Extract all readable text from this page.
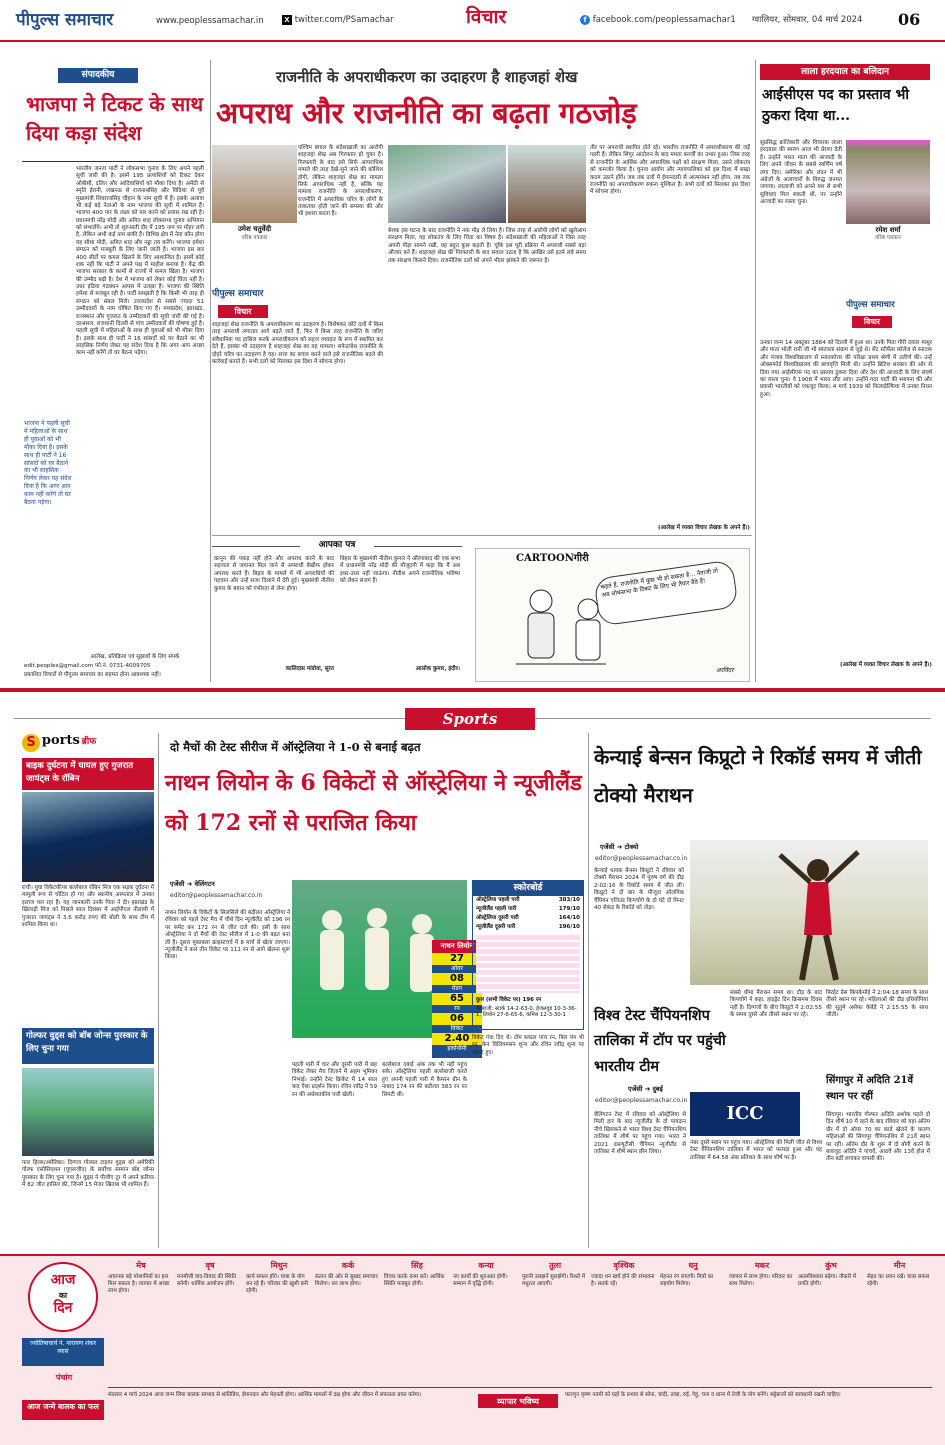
पीपुल्स समाचार	www.peoplessamachar.in	X twitter.com/PSamachar	विचार	f facebook.com/peoplessamachar1 ग्वालियर, सोमवार, 04 मार्च 2024 06
संपादकीय
भाजपा ने टिकट के साथ दिया कड़ा संदेश
भाजपा ने पहली सूची में महिलाओं के साथ ही युवाओं को भी मौका दिया है। इसके साथ ही पार्टी ने 16 सांसदों को घर बैठाने का भी साहसिक निर्णय लेकर यह संदेश दिया है कि अगर आप काम नहीं करेंगे तो घर बैठना पड़ेगा।
भारतीय जनता पार्टी ने लोकसभा चुनाव के लिए अपने पहली सूची जारी की है। इसमें 195 प्रत्याशियों को टिकट देकर ओबीसी, दलित और आदिवासियों को मौका दिया है। अमेठी से स्मृति ईरानी, लखनऊ से राजनाथसिंह और विदिशा से पूर्व मुख्यमंत्री शिवराजसिंह चौहान के नाम सूची में हैं। इसके अलावा भी कई बड़े नेताओं के नाम भाजपा की सूची में शामिल हैं। भाजपा 400 पार के लक्ष्य को पार करने को प्रयास रख रही है। प्रधानमंत्री नरेंद्र मोदी और अमित शाह लोकसभा चुनाव अभियान को संभालेंगे। अभी तो शुरुआती दौर में 195 नाम पर मोहर लगी है, लेकिन अभी कई नाम बाकी हैं। विभिन्न क्षेत्र में नेता कौन होगा यह सीधा मोदी, अमित शाह और नड्डा तय करेंगे। भाजपा हमेशा संगठन को मजबूती के लिए जानी जाती है। भाजपा इस बार 400 सीटों पर कमल खिलने के लिए आशान्वित है। इसमें कोई शक नहीं कि पार्टी ने अपने पक्ष में माहौल बनाया है। केंद्र की भाजपा सरकार के कामों से राज्यों में कमल खिला है। भाजपा की उम्मीद बढ़ी है। देश में भाजपा को लेकर कोई चिंता नहीं है। उधर इंडिया गठबंधन आपस में उलझा है। भाजपा की स्थिति हमेशा से मजबूत रही है। पार्टी समझती है कि किसी भी तरह ही संगठन को संबल मिले। उत्तरप्रदेश से सबसे ज्यादा 51 उम्मीदवारों के नाम घोषित किए गए हैं। मध्यप्रदेश, झारखंड, राजस्थान और गुजरात के उम्मीदवारों की सूची जारी की गई है। दरअसल, राजधानी दिल्ली से पांच उम्मीदवारों की घोषणा हुई है। पहली सूची में महिलाओं के साथ ही युवाओं को भी मौका दिया है। इसके साथ ही पार्टी ने 16 सांसदों को घर बैठाने का भी साहसिक निर्णय लेकर यह संदेश दिया है कि अगर आप अच्छा काम नहीं करेंगे तो घर बैठना पड़ेगा।
आलेख, प्रतिक्रिया एवं सुझावों के लिए संपर्क
edit.peoples@gmail.com फो.नं. 0731-4009705
प्रकाशित विचारों से पीपुल्स समाचार का सहमत होना आवश्यक नहीं।
राजनीति के अपराधीकरण का उदाहरण है शाहजहां शेख
अपराध और राजनीति का बढ़ता गठजोड़
उमेश चतुर्वेदी
वरिष्ठ पत्रकार
पीपुल्स समाचार
विचार
पश्चिम बंगाल के संदेशखाली का आरोपी शाहजहां शेख अब गिरफ्तार हो चुका है। गिरफ्तारी के बाद इसे सिर्फ आपराधिक मामले की तरह देखे-सुने जाने की कोशिश होगी, लेकिन शाहजहां शेख का मामला सिर्फ आपराधिक नहीं है, बल्कि यह मामला राजनीति के अपराधीकरण, राजनीति में अपराधिक चरित्र के लोगों के ताकतवर होती जाने की समस्या की ओर भी इशारा करता है।
शाहजहां शेख राजनीति के अपराधीकरण का उदाहरण है। विशेषकर छोटे दलों में किस तरह अपराधी लगातार आगे बढ़ते जाते हैं, फिर वे किस तरह राजनीति के जरिए संवैधानिक पद हासिल करके अपराधीकरण को सहज व्यवहार के रूप में स्थापित कर देते हैं, इसका भी उदाहरण है शाहजहां शेख का यह मामला। सफेदपोश राजनीति के दोहरे चरित्र का उदाहरण है यह। सत्ता का बचाव करने वाले इसे राजनीतिक बदले की कार्रवाई बताते हैं। सभी दलों को मिलकर इस दिशा में सोचना होगा।
बेशक इस घटना के बाद राजनीति ने नया मोड़ ले लिया है। जिस तरह से आरोपी लोगों को खुलेआम संरक्षण मिला, वह लोकतंत्र के लिए चिंता का विषय है। संदेशखाली की महिलाओं ने जिस तरह अपनी पीड़ा सामने रखी, वह बहुत कुछ कहती है। चूंकि इस पूरी प्रक्रिया में अपराधी सबसे बड़ा औजार बने हैं। शाहजहां शेख की गिरफ्तारी के बाद सवाल उठता है कि आखिर उसे इतने लंबे समय तक संरक्षण किसने दिया। राजनीतिक दलों को अपने भीतर झांकने की जरूरत है।
तौर पर अपराधी स्थापित होते रहे। भारतीय राजनीति में अपराधीकरण की जड़ें गहरी हैं। लेकिन सिंगूर आंदोलन के बाद ममता बनर्जी का उभार हुआ। जिस तरह से राजनीति के आर्थिक और अपराधिक पक्षों को संरक्षण मिला, उसने लोकतंत्र को कमजोर किया है। चुनाव आयोग और न्यायपालिका को इस दिशा में सख्त कदम उठाने होंगे। जब तक दलों में ईमानदारी से आत्ममंथन नहीं होगा, तब तक राजनीति का अपराधीकरण रुकना मुश्किल है। सभी दलों को मिलकर इस दिशा में सोचना होगा।
(आलेख में व्यक्त विचार लेखक के अपने हैं।)
आपका पत्र
कानून की पकड़ नहीं होने और अपराध करने के बाद सहजता से जमानत मिल जाने से अपराधी बेखौफ होकर अपराध करते हैं। बिहार के मामले में भी अपराधियों की पहचान और उन्हें सजा दिलाने में देरी हुई। मुख्यमंत्री नीतीश कुमार के बयान को गंभीरता से लेना होगा।
कालिदास मांडोवा, सूरत
बिहार के मुख्यमंत्री नीतीश कुमार ने औरंगाबाद की एक सभा में प्रधानमंत्री नरेंद्र मोदी की मौजूदगी में कहा कि मैं अब इधर-उधर नहीं जाऊंगा। नीतीश अपने राजनीतिक भविष्य को लेकर सजग हैं।
आलोक कुमार, इंदौर।
CARTOONगीरी
कहते हैं, राजनीति में कुछ भी हो सकता है... नेताजी तो अब लोकसभा के टिकट के लिए भी तैयार बैठे हैं!
अरविंदर
लाला हरदयाल का बलिदान
आईसीएस पद का प्रस्ताव भी ठुकरा दिया था...
रमेश शर्मा
वरिष्ठ पत्रकार
सुप्रसिद्ध क्रांतिकारी और विचारक लाला हरदयाल की स्मरण आज भी प्रेरणा देती है। उन्होंने भारत माता की आजादी के लिए अपने जीवन के सबसे स्वर्णिम वर्ष लगा दिए। अमेरिका और लंदन में भी अंग्रेजों के अत्याचारों के विरुद्ध जनमत जगाया। लालाजी को अपने यश से सभी सुविधाएं मिल सकती थीं, पर उन्होंने आजादी का रास्ता चुना।
पीपुल्स समाचार
विचार
उनका जन्म 14 अक्टूबर 1884 को दिल्ली में हुआ था। उनके पिता गौरी दयाल माथुर और माता भोली रानी जी भी स्वतंत्रता संग्राम से जुड़े थे। सेंट स्टीफेंस कॉलेज से स्नातक और पंजाब विश्वविद्यालय से स्नातकोत्तर की परीक्षा प्रथम श्रेणी में उत्तीर्ण की। उन्हें ऑक्सफोर्ड विश्वविद्यालय की छात्रवृत्ति मिली थी। उन्होंने ब्रिटिश सरकार की ओर से दिया गया आईसीएस पद का प्रस्ताव ठुकरा दिया और देश की आजादी के लिए संघर्ष का रास्ता चुना। वे 1908 में भारत लौट आए। उन्होंने गदर पार्टी की स्थापना की और प्रवासी भारतीयों को एकजुट किया। 4 मार्च 1939 को फिलाडेल्फिया में उनका निधन हुआ।
(आलेख में व्यक्त विचार लेखक के अपने हैं।)
Sports
S ports ब्रीफ
बाइक दुर्घटना में घायल हुए गुजरात जायंट्स के रॉबिन
रांची। युवा विकेटकीपर बल्लेबाज रॉबिन मिंज एक सड़क दुर्घटना में मामूली रूप से चोटिल हो गए और स्थानीय अस्पताल में उनका इलाज चल रहा है। यह जानकारी उनके पिता ने दी। झारखंड के खिलाड़ी मिंज को पिछले साल दिसंबर में आईपीएल नीलामी में गुजरात जायंट्स ने 3.6 करोड़ रुपए की बोली के साथ टीम में शामिल किया था।
गोल्फर वुड्स को बॉब जोन्स पुरस्कार के लिए चुना गया
फार हिल्स/अमेरिका। दिग्गज गोल्फर टाइगर वुड्स को अमेरिकी गोल्फ एसोसिएशन (यूएसजीए) के सर्वोच्च सम्मान बॉब जोन्स पुरस्कार के लिए चुना गया है। वुड्स ने पीजीए टूर में अपने करियर में 82 जीत हासिल की, जिनमें 15 मेजर खिताब भी शामिल हैं।
दो मैचों की टेस्ट सीरीज में ऑस्ट्रेलिया ने 1-0 से बनाई बढ़त
नाथन लियोन के 6 विकेटों से ऑस्ट्रेलिया ने न्यूजीलैंड को 172 रनों से पराजित किया
एजेंसी ➜ वेलिंगटन
editor@peoplessamachar.co.in
नाथन लियोन के विकेटों के सिलसिले की बदौलत ऑस्ट्रेलिया ने रविवार को पहले टेस्ट मैच में चौथे दिन न्यूजीलैंड को 196 रन पर समेट कर 172 रन से जीत दर्ज की। इसी के साथ ऑस्ट्रेलिया ने दो मैचों की टेस्ट सीरीज में 1-0 की बढ़त बना ली है। दूसरा मुकाबला क्राइस्टचर्च में 8 मार्च से खेला जाएगा। न्यूजीलैंड ने कल तीन विकेट पर 111 रन से आगे खेलना शुरू किया।
नाथन लियोन
27
ओवर
08
मेडन
65
रन
06
विकेट
2.40
इकोनॉमी
पहली पारी में चार और दूसरी पारी में छह विकेट लेकर मैच जिताने में अहम भूमिका निभाई। उन्होंने टेस्ट क्रिकेट में 14 साल बाद ऐसा प्रदर्शन किया। रचिन रवींद्र ने 59 रन की अर्धशतकीय पारी खेली।
बल्लेबाज दबाई अंक तक भी नहीं पहुंच सके। ऑस्ट्रेलिया पहली बल्लेबाजी करते हुए अपनी पहली पारी में कैमरन ग्रीन के नाबाद 174 रन की बदौलत 383 रन पर सिमटी थी।
स्कोरबोर्ड
ऑस्ट्रेलिया पहली पारी	383/10
न्यूजीलैंड पहली पारी	179/10
ऑस्ट्रेलिया दूसरी पारी	164/10
न्यूजीलैंड दूसरी पारी	196/10
कुल (सभी विकेट पर) 196 रन
गेंदबाजी: स्टार्क 14-2-63-0, हेजलवुड 10-3-36-1, लियोन 27-6-65-6, कमिंस 12-3-30-1
विकेट गंवा दिए थे। टॉम ब्लंडल पांच रन, बिल यंग भी रन, केन विलियमसन शून्य और रचिन रवींद्र शून्य पर आउट हुए।
केन्याई बेन्सन किप्रूटो ने रिकॉर्ड समय में जीती टोक्यो मैराथन
एजेंसी ➜ टोक्यो
editor@peoplessamachar.co.in
केन्याई धावक बेन्सन किप्रूटो ने रविवार को टोक्यो मैराथन 2024 में पुरुष वर्ग की दौड़ 2:02:16 के रिकॉर्ड समय में जीत ली। किप्रूटो ने दो बार के मौजूदा ओलंपिक चैंपियन एलिउड किपचोगे के दो घंटे दो मिनट 40 सेकंड के रिकॉर्ड को तोड़ा।
सबसे धीमा मैराथन समय था। दौड़ के बाद किपचोगे ने कहा, हाइड्रेट दिन क्रिसमस दिवस नहीं है। दिग्गजों के बीच किप्रूटो ने 2:02:55 के समय दूसरे और तीसरे स्थान पर रहे।
बिरहेट ग्रेस किपकेमोई ने 2:04:18 समय के साथ तीसरे स्थान पर रहे। महिलाओं की दौड़ इथियोपिया की सुतुमे असेफा केबेडे ने 2:15:55 के साथ जीती।
विश्व टेस्ट चैंपियनशिप तालिका में टॉप पर पहुंची भारतीय टीम
एजेंसी ➜ दुबई
editor@peoplessamachar.co.in
ICC
वेलिंगटन टेस्ट में रविवार को ऑस्ट्रेलिया से मिली हार के बाद न्यूजीलैंड के दो पायदान नीचे खिसकने से भारत विश्व टेस्ट चैंपियनशिप तालिका में शीर्ष पर पहुंच गया। भारत ने 2021 डब्ल्यूटीसी चैंपियन न्यूजीलैंड से तालिका में शीर्ष स्थान छीन लिया।
नंबर दूसरे स्थान पर पहुंच गया। ऑस्ट्रेलिया की मिली जीत से विश्व टेस्ट चैंपियनशिप तालिका में भारत को फायदा हुआ और वह तालिका में 64.58 अंक प्रतिशत के साथ शीर्ष पर है।
सिंगापुर में अदिति 21वें स्थान पर रहीं
सिंगापुर। भारतीय गोल्फर अदिति अशोक पहले दो दिन शीर्ष 10 में रहने के बाद रविवार को यहां अंतिम दौर में दो ओवर 70 का कार्ड खेलने के कारण महिलाओं की सिंगापुर चैंपियनशिप में 21वें स्थान पर रहीं। अंतिम दौर के शुरू में दो बोगी करने के बावजूद अदिति ने पांचवें, आठवें और 13वें होल में तीन बर्डी लगाकर वापसी की।
आज
का
दिन
ज्योतिषाचार्य पं. नारायण शंकर व्यास
पंचांग
आज जन्मे बालक का फल
मेष
अचानक बड़े परेशानियों का हल मिल सकता है। व्यापार में अच्छा लाभ होगा।
वृष
मनमौजी वाद-विवाद की स्थिति बनेगी। धार्मिक आयोजन होंगे।
मिथुन
कार्य सफल होंगे। यात्रा के योग बन रहे हैं। परिवार की खुशी बनी रहेगी।
कर्क
संतान की ओर से सुखद समाचार मिलेगा। धन लाभ होगा।
सिंह
विचार करके काम करें। आर्थिक स्थिति मजबूत होगी।
कन्या
नए कार्यों की शुरुआत होगी। सम्मान में वृद्धि होगी।
तुला
पुरानी उलझनें सुलझेंगी। रिश्तों में मधुरता आएगी।
वृश्चिक
ज्यादा धन खर्च होने की संभावना है। सतर्क रहें।
धनु
मेहनत रंग लाएगी। मित्रों का सहयोग मिलेगा।
मकर
व्यापार में लाभ होगा। परिवार का साथ मिलेगा।
कुंभ
आत्मविश्वास बढ़ेगा। नौकरी में प्रगति होगी।
मीन
सेहत का ध्यान रखें। यात्रा सफल रहेगी।
संवत्सर 4 मार्च 2024 आज जन्म लिया बालक स्वभाव से शांतिप्रिय, ईमानदार और मेहनती होगा। आर्थिक मामलों में दक्ष होगा और जीवन में सफलता प्राप्त करेगा।
व्यापार भविष्य
फाल्गुन कृष्ण नवमी को ग्रहों के प्रभाव से सोना, चांदी, तांबा, रुई, गेहूं, चना व धान्य में तेजी के योग बनेंगे। सट्टेबाजों को सावधानी रखनी चाहिए।
